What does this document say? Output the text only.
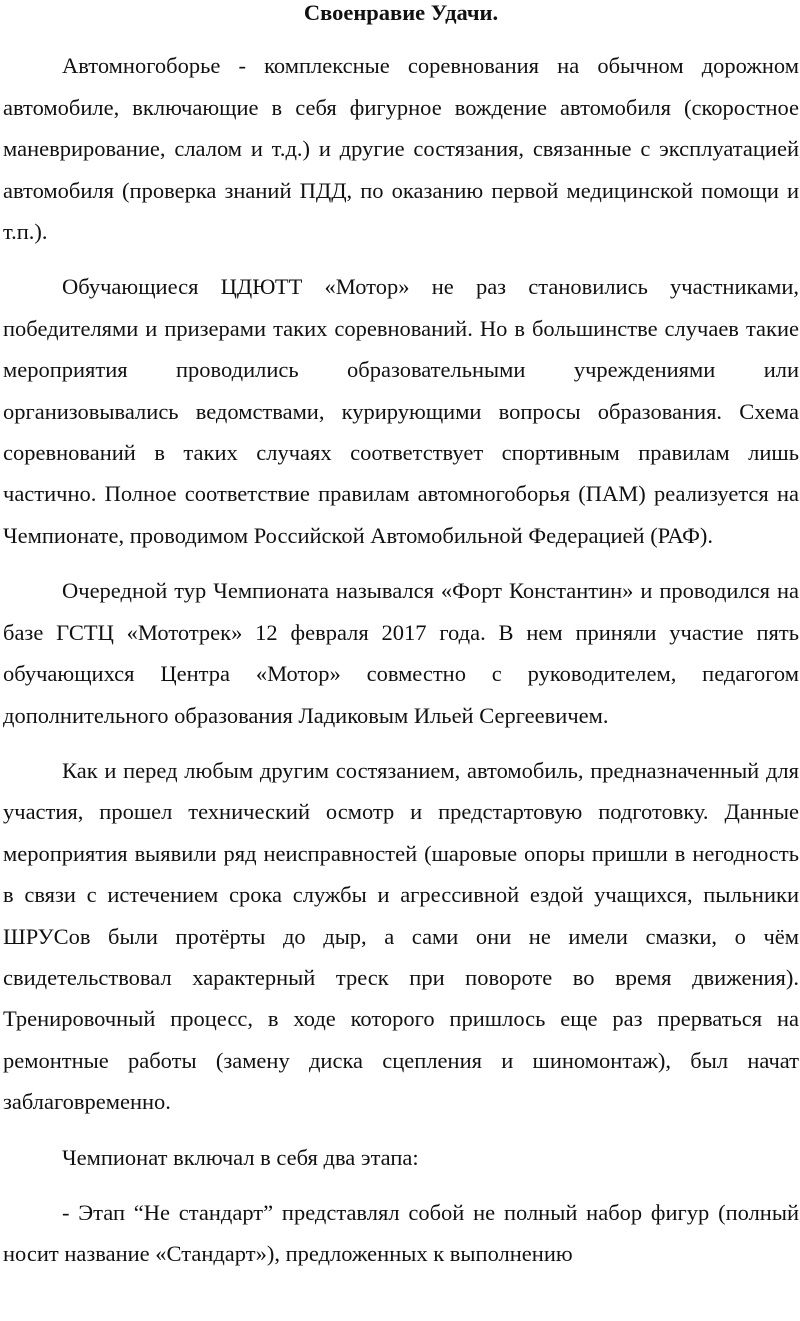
Своенравие Удачи.

Автомногоборье - комплексные соревнования на обычном дорожном автомобиле, включающие в себя фигурное вождение автомобиля (скоростное маневрирование, слалом и т.д.) и другие состязания, связанные с эксплуатацией автомобиля (проверка знаний ПДД, по оказанию первой медицинской помощи и т.п.).

Обучающиеся ЦДЮТТ «Мотор» не раз становились участниками, победителями и призерами таких соревнований. Но в большинстве случаев такие мероприятия проводились образовательными учреждениями или организовывались ведомствами, курирующими вопросы образования. Схема соревнований в таких случаях соответствует спортивным правилам лишь частично. Полное соответствие правилам автомногоборья (ПАМ) реализуется на Чемпионате, проводимом Российской Автомобильной Федерацией (РАФ).

Очередной тур Чемпионата назывался «Форт Константин» и проводился на базе ГСТЦ «Мототрек» 12 февраля 2017 года. В нем приняли участие пять обучающихся Центра «Мотор» совместно с руководителем, педагогом дополнительного образования Ладиковым Ильей Сергеевичем.

Как и перед любым другим состязанием, автомобиль, предназначенный для участия, прошел технический осмотр и предстартовую подготовку. Данные мероприятия выявили ряд неисправностей (шаровые опоры пришли в негодность в связи с истечением срока службы и агрессивной ездой учащихся, пыльники ШРУСов были протёрты до дыр, а сами они не имели смазки, о чём свидетельствовал характерный треск при повороте во время движения). Тренировочный процесс, в ходе которого пришлось еще раз прерваться на ремонтные работы (замену диска сцепления и шиномонтаж), был начат заблаговременно.

Чемпионат включал в себя два этапа:

- Этап “Не стандарт” представлял собой не полный набор фигур (полный носит название «Стандарт»), предложенных к выполнению
